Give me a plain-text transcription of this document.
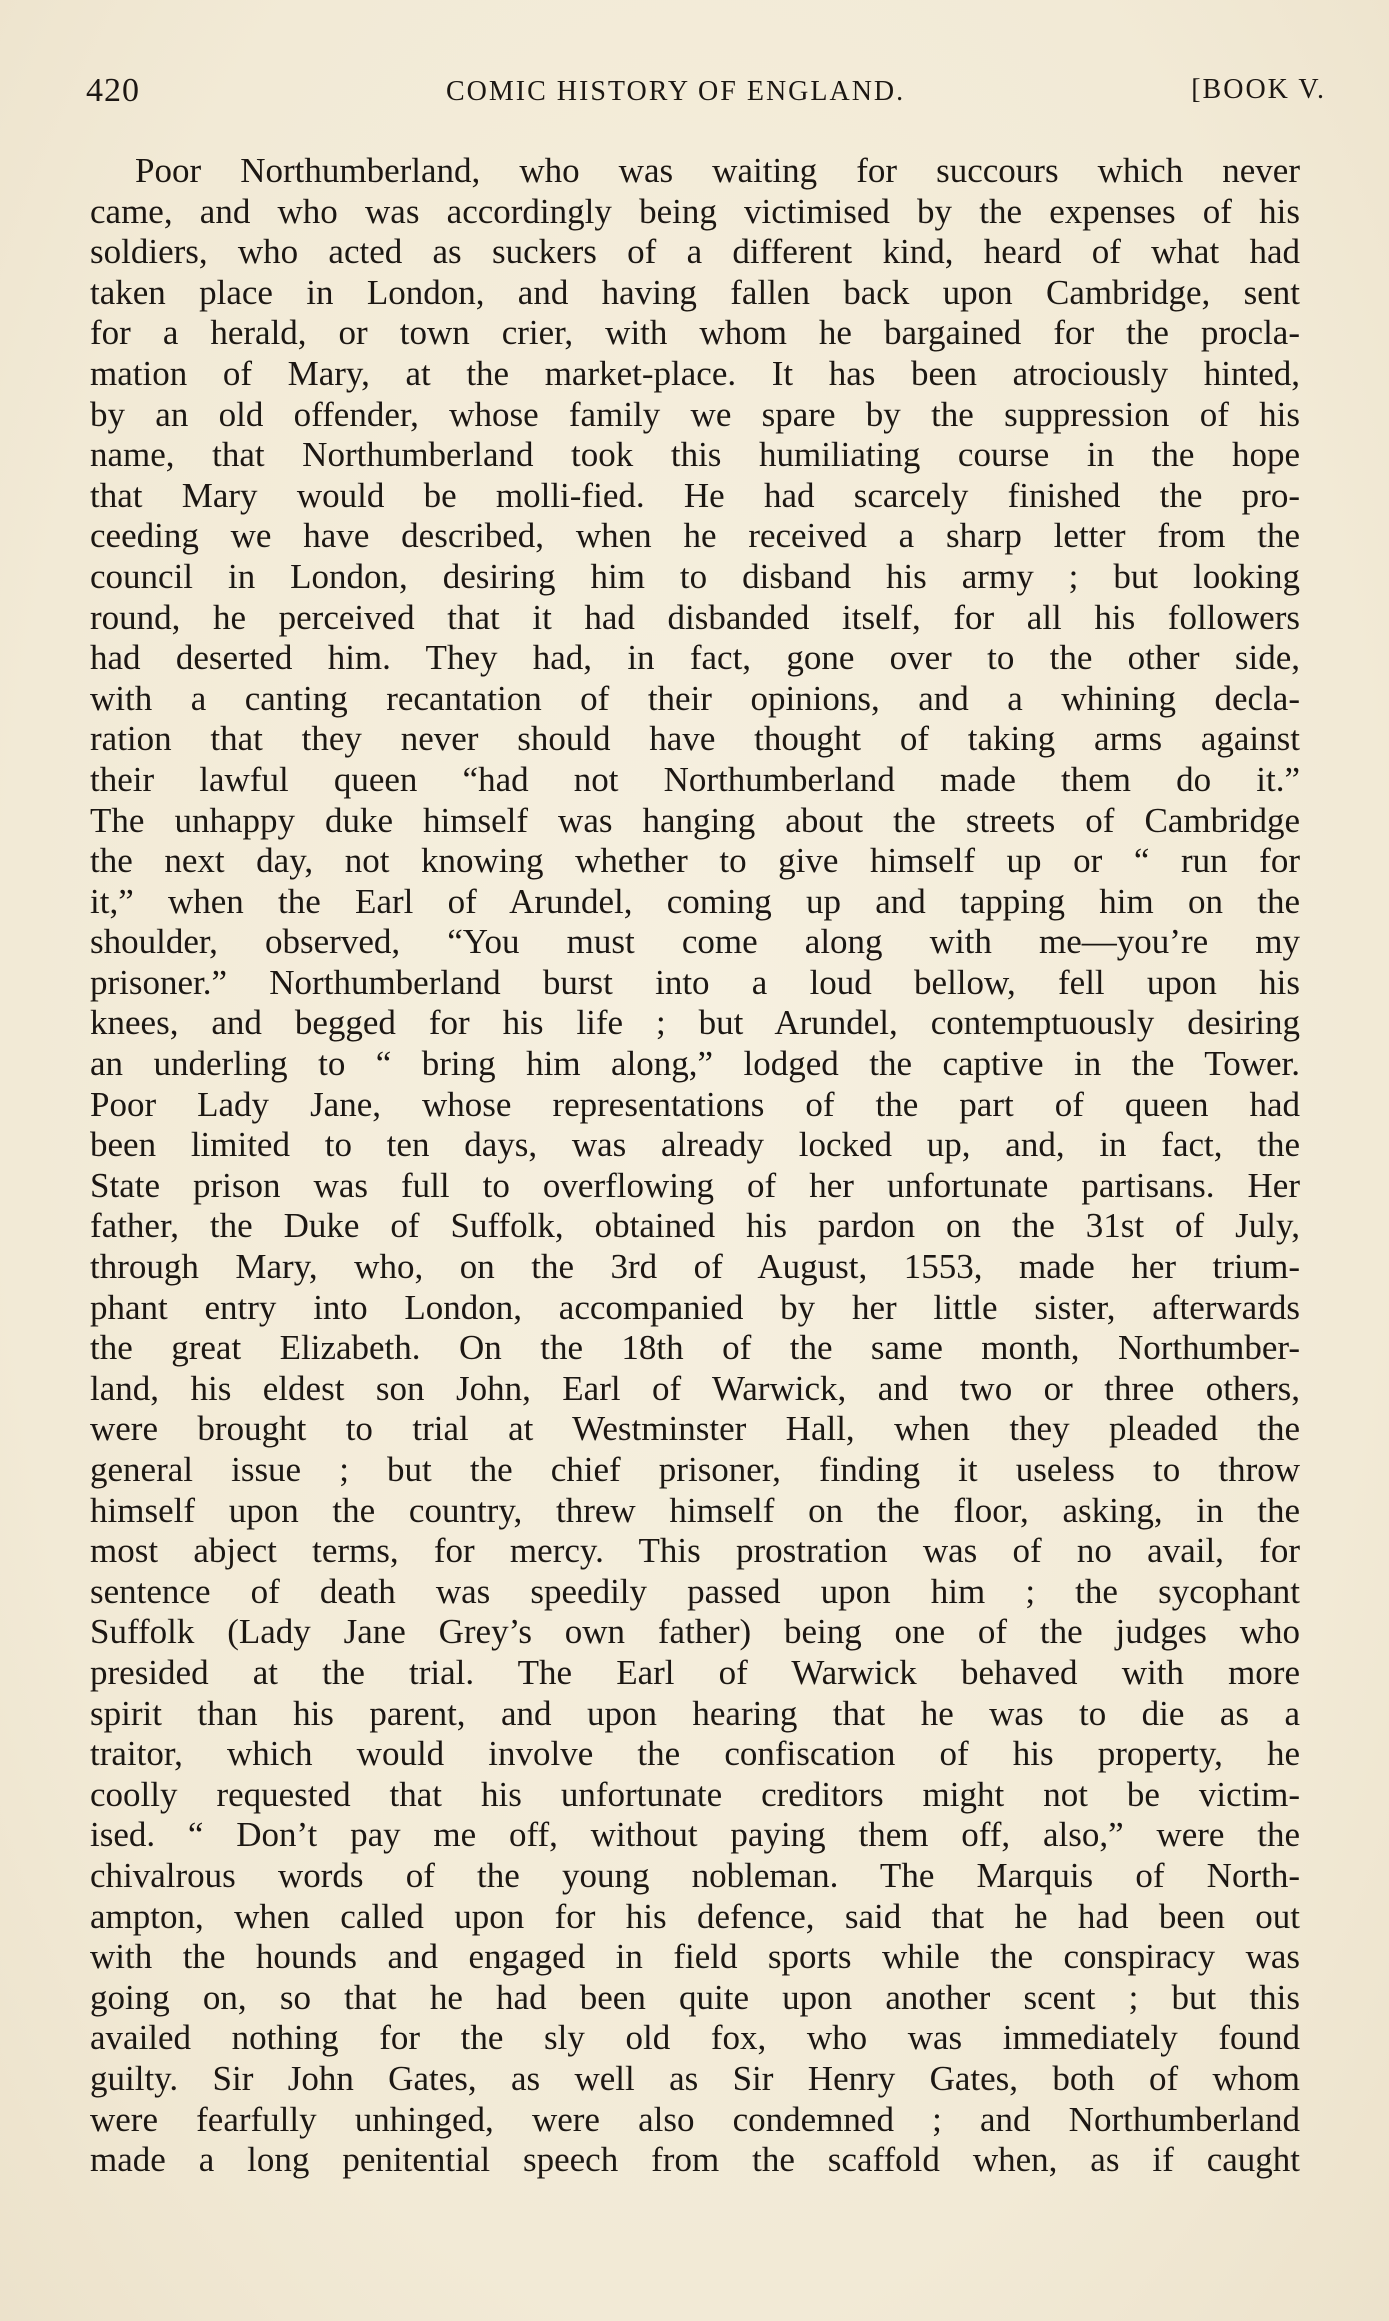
420	COMIC HISTORY OF ENGLAND.	[BOOK V.
Poor Northumberland, who was waiting for succours which never
came, and who was accordingly being victimised by the expenses of his
soldiers, who acted as suckers of a different kind, heard of what had
taken place in London, and having fallen back upon Cambridge, sent
for a herald, or town crier, with whom he bargained for the procla-
mation of Mary, at the market-place. It has been atrociously hinted,
by an old offender, whose family we spare by the suppression of his
name, that Northumberland took this humiliating course in the hope
that Mary would be molli-fied. He had scarcely finished the pro-
ceeding we have described, when he received a sharp letter from the
council in London, desiring him to disband his army ; but looking
round, he perceived that it had disbanded itself, for all his followers
had deserted him. They had, in fact, gone over to the other side,
with a canting recantation of their opinions, and a whining decla-
ration that they never should have thought of taking arms against
their lawful queen “had not Northumberland made them do it.”
The unhappy duke himself was hanging about the streets of Cambridge
the next day, not knowing whether to give himself up or “ run for
it,” when the Earl of Arundel, coming up and tapping him on the
shoulder, observed, “You must come along with me—you’re my
prisoner.” Northumberland burst into a loud bellow, fell upon his
knees, and begged for his life ; but Arundel, contemptuously desiring
an underling to “ bring him along,” lodged the captive in the Tower.
Poor Lady Jane, whose representations of the part of queen had
been limited to ten days, was already locked up, and, in fact, the
State prison was full to overflowing of her unfortunate partisans. Her
father, the Duke of Suffolk, obtained his pardon on the 31st of July,
through Mary, who, on the 3rd of August, 1553, made her trium-
phant entry into London, accompanied by her little sister, afterwards
the great Elizabeth. On the 18th of the same month, Northumber-
land, his eldest son John, Earl of Warwick, and two or three others,
were brought to trial at Westminster Hall, when they pleaded the
general issue ; but the chief prisoner, finding it useless to throw
himself upon the country, threw himself on the floor, asking, in the
most abject terms, for mercy. This prostration was of no avail, for
sentence of death was speedily passed upon him ; the sycophant
Suffolk (Lady Jane Grey’s own father) being one of the judges who
presided at the trial. The Earl of Warwick behaved with more
spirit than his parent, and upon hearing that he was to die as a
traitor, which would involve the confiscation of his property, he
coolly requested that his unfortunate creditors might not be victim-
ised. “ Don’t pay me off, without paying them off, also,” were the
chivalrous words of the young nobleman. The Marquis of North-
ampton, when called upon for his defence, said that he had been out
with the hounds and engaged in field sports while the conspiracy was
going on, so that he had been quite upon another scent ; but this
availed nothing for the sly old fox, who was immediately found
guilty. Sir John Gates, as well as Sir Henry Gates, both of whom
were fearfully unhinged, were also condemned ; and Northumberland
made a long penitential speech from the scaffold when, as if caught
